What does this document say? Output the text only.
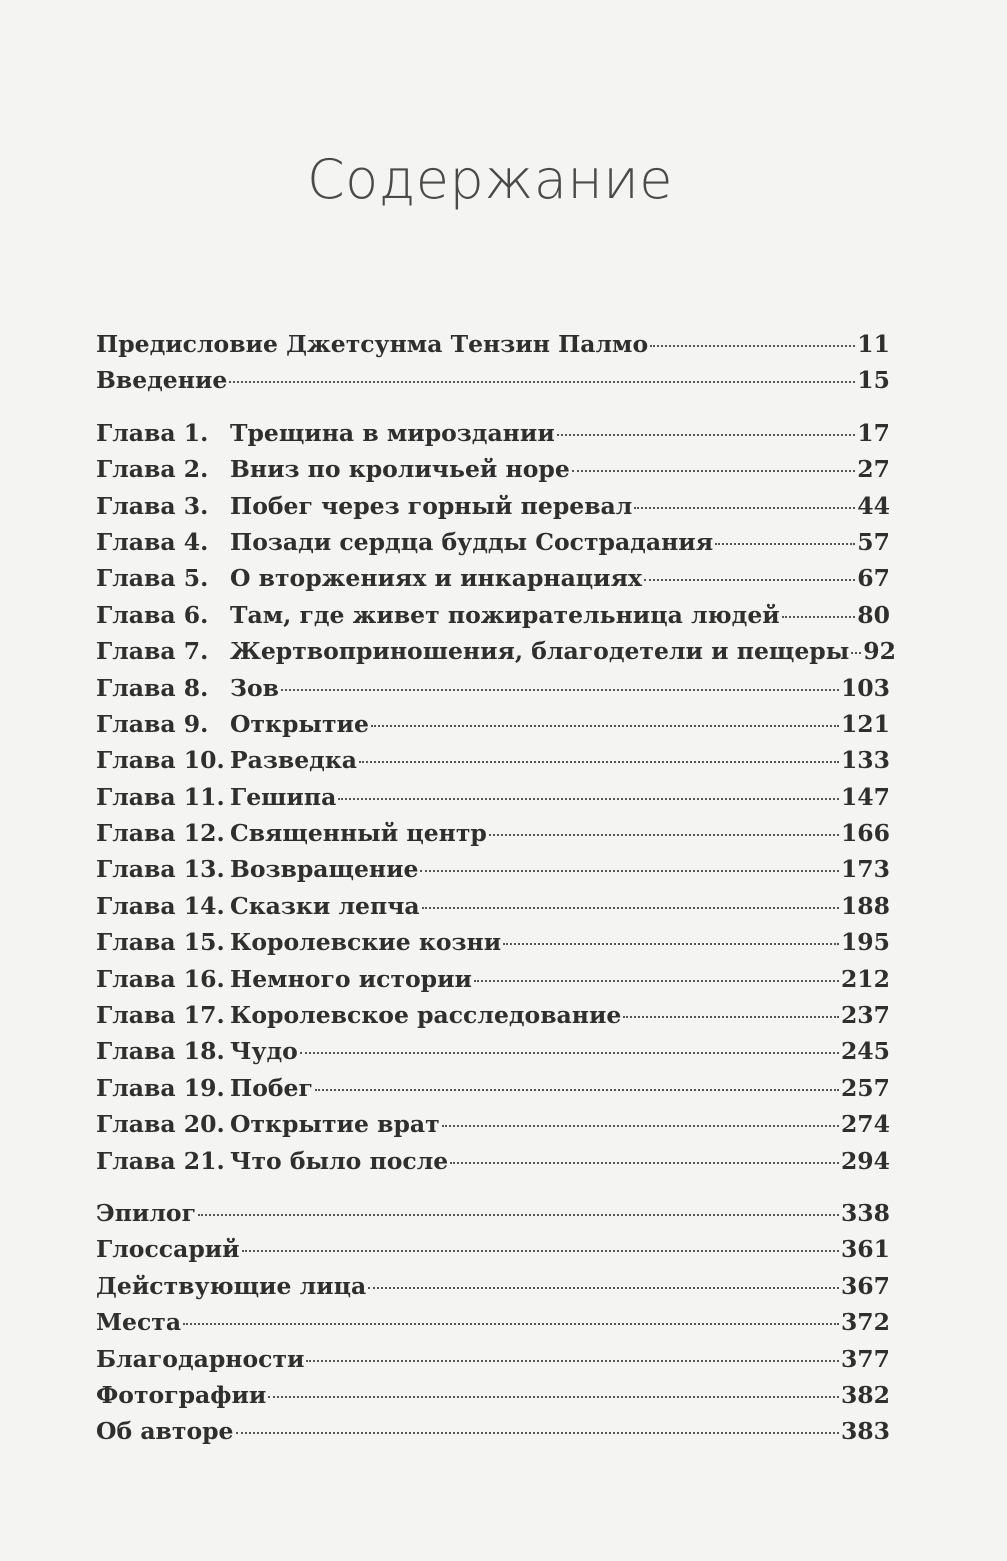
Содержание
Предисловие Джетсунма Тензин Палмо	11
Введение	15
Глава 1. Трещина в мироздании	17
Глава 2. Вниз по кроличьей норе	27
Глава 3. Побег через горный перевал	44
Глава 4. Позади сердца будды Сострадания	57
Глава 5. О вторжениях и инкарнациях	67
Глава 6. Там, где живет пожирательница людей	80
Глава 7. Жертвоприношения, благодетели и пещеры 92
Глава 8. Зов	103
Глава 9. Открытие	121
Глава 10. Разведка	133
Глава 11. Гешипа	147
Глава 12. Священный центр	166
Глава 13. Возвращение	173
Глава 14. Сказки лепча	188
Глава 15. Королевские козни	195
Глава 16. Немного истории	212
Глава 17. Королевское расследование	237
Глава 18. Чудо	245
Глава 19. Побег	257
Глава 20. Открытие врат	274
Глава 21. Что было после	294
Эпилог	338
Глоссарий	361
Действующие лица	367
Места	372
Благодарности	377
Фотографии	382
Об авторе	383
